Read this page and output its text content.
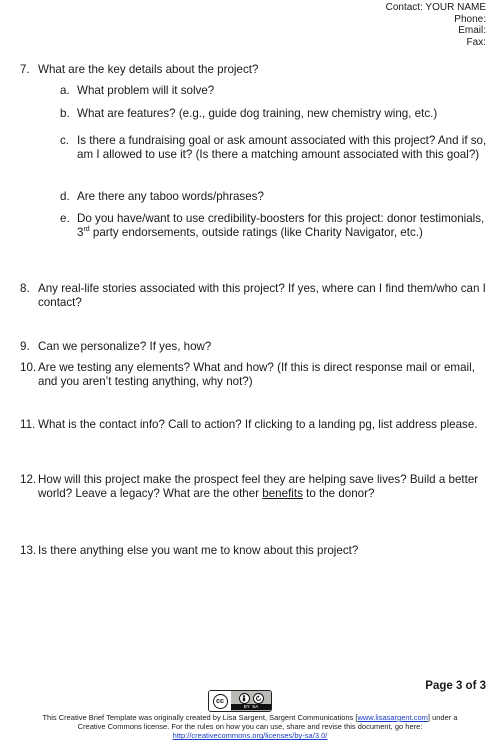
Contact: YOUR NAME
Phone:
Email:
Fax:
7. What are the key details about the project?
a. What problem will it solve?
b. What are features? (e.g., guide dog training, new chemistry wing, etc.)
c. Is there a fundraising goal or ask amount associated with this project? And if so, am I allowed to use it? (Is there a matching amount associated with this goal?)
d. Are there any taboo words/phrases?
e. Do you have/want to use credibility-boosters for this project: donor testimonials, 3rd party endorsements, outside ratings (like Charity Navigator, etc.)
8. Any real-life stories associated with this project? If yes, where can I find them/who can I contact?
9. Can we personalize? If yes, how?
10. Are we testing any elements? What and how? (If this is direct response mail or email, and you aren’t testing anything, why not?)
11. What is the contact info? Call to action? If clicking to a landing pg, list address please.
12. How will this project make the prospect feel they are helping save lives? Build a better world? Leave a legacy? What are the other benefits to the donor?
13. Is there anything else you want me to know about this project?
Page 3 of 3
cc
BY SA
This Creative Brief Template was originally created by Lisa Sargent, Sargent Communications [www.lisasargent.com] under a
Creative Commons license. For the rules on how you can use, share and revise this document, go here:
http://creativecommons.org/licenses/by-sa/3.0/
